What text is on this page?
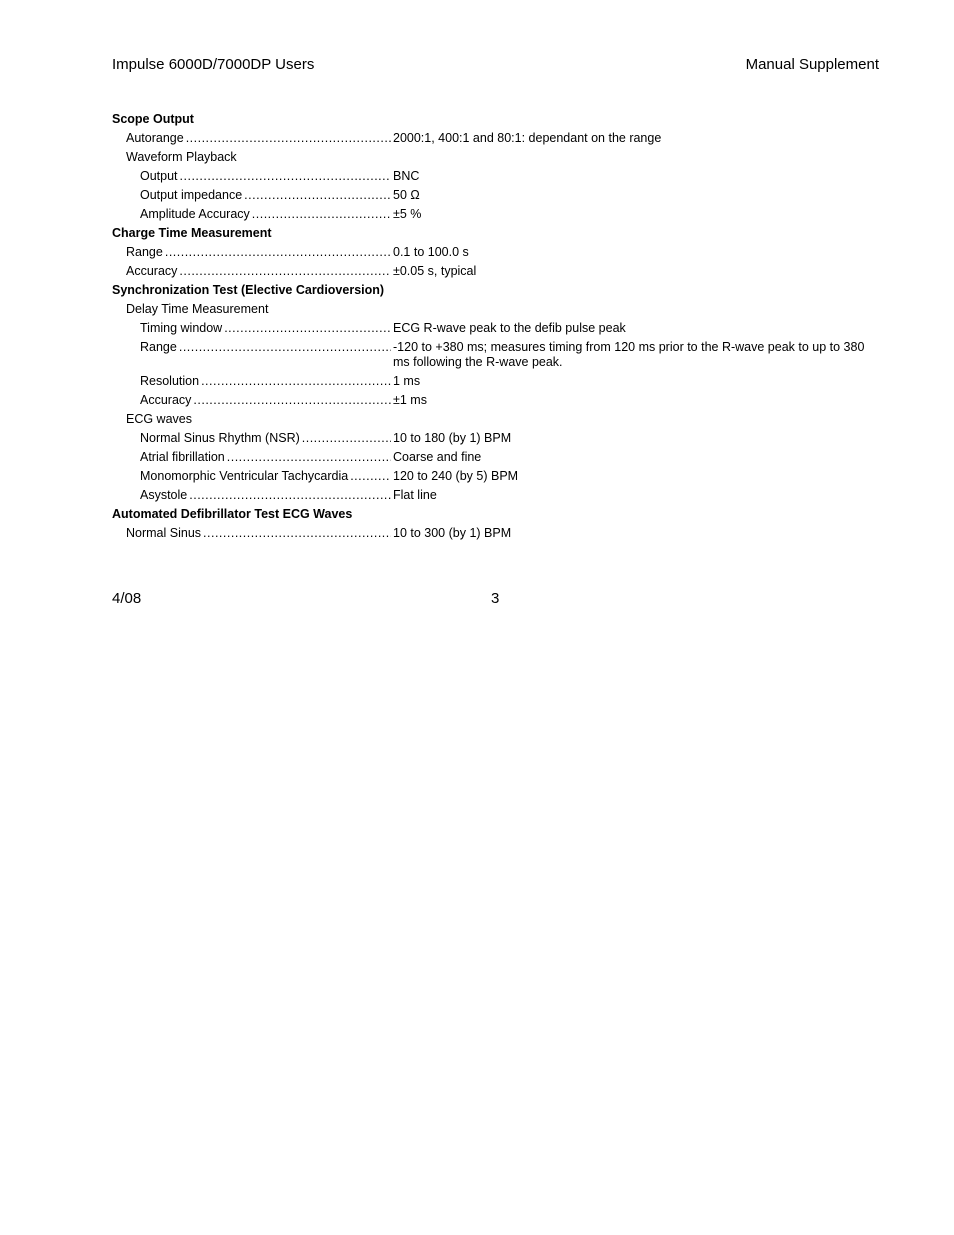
Impulse 6000D/7000DP Users	Manual Supplement
Scope Output
Autorange .....	2000:1, 400:1 and 80:1: dependant on the range
Waveform Playback
Output .....	BNC
Output impedance .....	50 Ω
Amplitude Accuracy .....	±5 %
Charge Time Measurement
Range .....	0.1 to 100.0 s
Accuracy .....	±0.05 s, typical
Synchronization Test (Elective Cardioversion)
Delay Time Measurement
Timing window .....	ECG R-wave peak to the defib pulse peak
Range .....	-120 to +380 ms; measures timing from 120 ms prior to the R-wave peak to up to 380 ms following the R-wave peak.
Resolution .....	1 ms
Accuracy .....	±1 ms
ECG waves
Normal Sinus Rhythm (NSR) .....	10 to 180 (by 1) BPM
Atrial fibrillation .....	Coarse and fine
Monomorphic Ventricular Tachycardia .....	120 to 240 (by 5) BPM
Asystole .....	Flat line
Automated Defibrillator Test ECG Waves
Normal Sinus .....	10 to 300 (by 1) BPM
4/08	3
